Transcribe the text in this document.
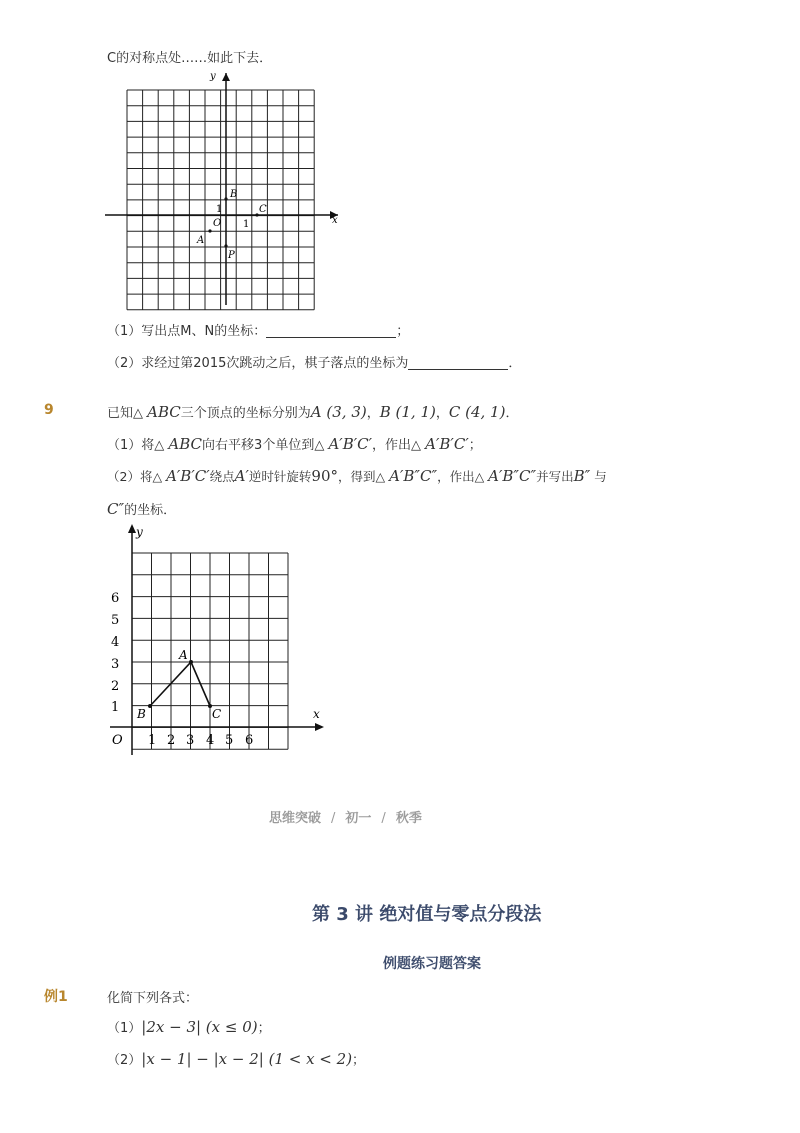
C的对称点处……如此下去．
y
x
B
C
1
O 1
A
P
（1）写出点M、N的坐标：	；
（2）求经过第2015次跳动之后，棋子落点的坐标为	．
9	已知△ ABC三个顶点的坐标分别为A (3, 3)，B (1, 1)，C (4, 1)．
（1）将△ ABC向右平移3个单位到△ A′B′C′，作出△ A′B′C′；
（2）将△ A′B′C′绕点A′逆时针旋转90°，得到△ A′B″C″，作出△ A′B″C″并写出B″ 与
C″的坐标．
y
x
O
6
5
4
3
2
1
1 2 3 4 5 6
A
B	C
思维突破 / 初一 / 秋季
第 3 讲 绝对值与零点分段法
例题练习题答案
例1	化简下列各式：
（1）|2x − 3| (x ≤ 0)；
（2）|x − 1| − |x − 2| (1 < x < 2)；
